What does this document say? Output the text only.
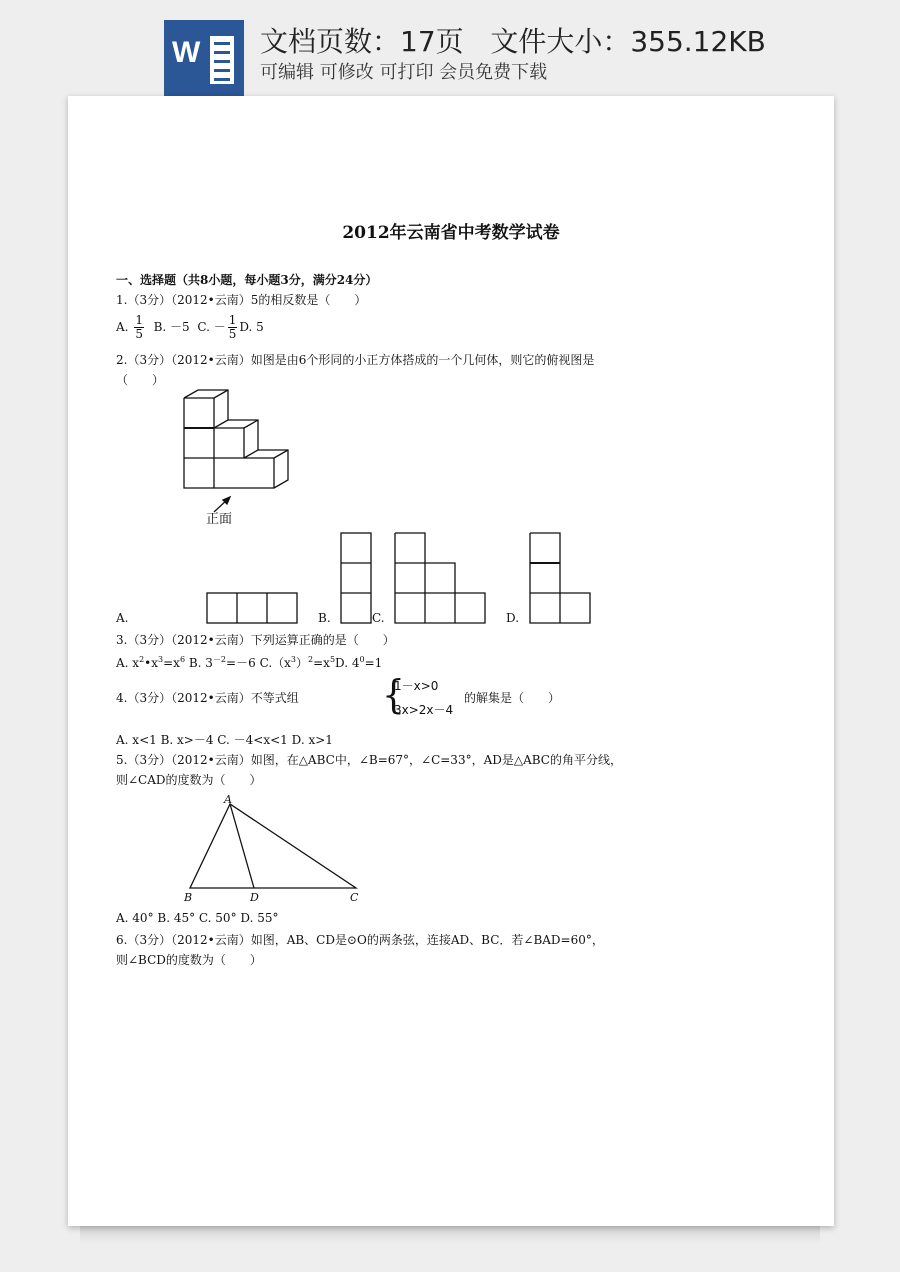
W 文档页数：17页   文件大小：355.12KB
可编辑 可修改 可打印 会员免费下载
2012年云南省中考数学试卷
一、选择题（共8小题，每小题3分，满分24分）
1.（3分）（2012•云南）5的相反数是（　　）
A. $\frac{1}{5} B$. －5 C. － $\frac{1}{5} D$. 5
2.（3分）（2012•云南）如图是由6个形同的小正方体搭成的一个几何体，则它的俯视图是
（　　）
正面
A.	B.	C.	D.
3.（3分）（2012•云南）下列运算正确的是（　　）
A. $x^2•x^3=x^6$ B. $3^{-2}=-6$ $C.(x^3)^2=x^5D$. $4^0=1$
4.（3分）（2012•云南）不等式组 {
1－x>0
3x>2x－4
的解集是（　　）
A. x<1 B. x>－4 C. －4<x<1 D. x>1
5.（3分）（2012•云南）如图，在△ABC中，∠B=67°，∠C=33°，AD是△ABC的角平分线，
则∠CAD的度数为（　　）
A
B	D	C
A. 40° B. 45° C. 50° D. 55°
6.（3分）（2012•云南）如图，AB、CD是⊙O的两条弦，连接AD、BC．若∠BAD=60°，
则∠BCD的度数为（　　）
